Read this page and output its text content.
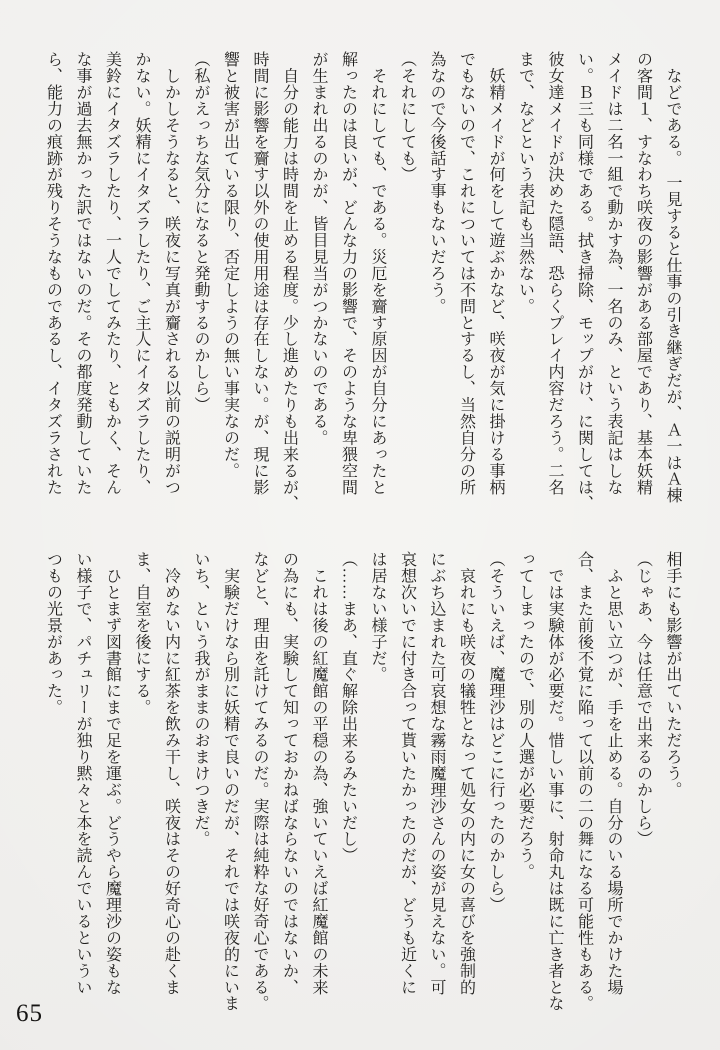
　などである。　一見すると仕事の引き継ぎだが、Ａ一はＡ棟
の客間１、すなわち咲夜の影響がある部屋であり、基本妖精
メイドは二名一組で動かす為、一名のみ、という表記はしな
い。Ｂ三も同様である。拭き掃除、モップがけ、に関しては、
彼女達メイドが決めた隠語、恐らくプレイ内容だろう。二名
まで、などという表記も当然ない。
　妖精メイドが何をして遊ぶかなど、咲夜が気に掛ける事柄
でもないので、これについては不問とするし、当然自分の所
為なので今後話す事もないだろう。
（それにしても）
　それにしても、である。災厄を齎す原因が自分にあったと
解ったのは良いが、どんな力の影響で、そのような卑猥空間
が生まれ出るのかが、皆目見当がつかないのである。
　自分の能力は時間を止める程度。少し進めたりも出来るが、
時間に影響を齎す以外の使用用途は存在しない。が、現に影
響と被害が出ている限り、否定しようの無い事実なのだ。
（私がえっちな気分になると発動するのかしら）
　しかしそうなると、咲夜に写真が齎される以前の説明がつ
かない。妖精にイタズラしたり、ご主人にイタズラしたり、
美鈴にイタズラしたり、一人でしてみたり、ともかく、そん
な事が過去無かった訳ではないのだ。その都度発動していた
ら、能力の痕跡が残りそうなものであるし、イタズラされた
相手にも影響が出ていただろう。
（じゃあ、今は任意で出来るのかしら）
　ふと思い立つが、手を止める。自分のいる場所でかけた場
合、また前後不覚に陥って以前の二の舞になる可能性もある。
　では実験体が必要だ。惜しい事に、射命丸は既に亡き者とな
ってしまったので、別の人選が必要だろう。
（そういえば、魔理沙はどこに行ったのかしら）
　哀れにも咲夜の犠牲となって処女の内に女の喜びを強制的
にぶち込まれた可哀想な霧雨魔理沙さんの姿が見えない。可
哀想次いでに付き合って貰いたかったのだが、どうも近くに
は居ない様子だ。
（……まあ、直ぐ解除出来るみたいだし）
　これは後の紅魔館の平穏の為、強いていえば紅魔館の未来
の為にも、実験して知っておかねばならないのではないか、
などと、理由を託けてみるのだ。実際は純粋な好奇心である。
　実験だけなら別に妖精で良いのだが、それでは咲夜的にいま
いち、という我がままのおまけつきだ。
　冷めない内に紅茶を飲み干し、咲夜はその好奇心の赴くま
ま、自室を後にする。
　ひとまず図書館にまで足を運ぶ。どうやら魔理沙の姿もな
い様子で、パチュリーが独り黙々と本を読んでいるというい
つもの光景があった。
65
